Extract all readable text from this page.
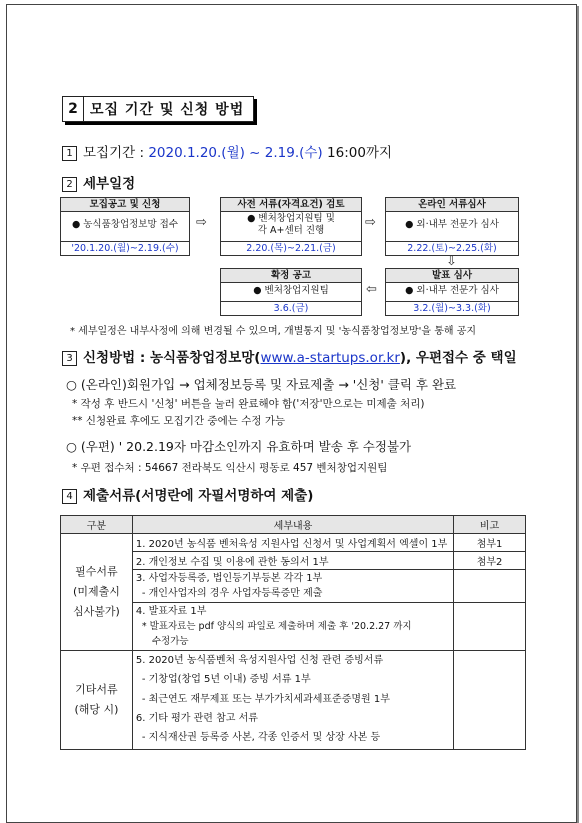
2 모집 기간 및 신청 방법
1 모집기간 : 2020.1.20.(월) ~ 2.19.(수) 16:00까지
2 세부일정
모집공고 및 신청
● 농식품창업정보망 접수
'20.1.20.(월)~2.19.(수)
⇨
사전 서류(자격요건) 검토
● 벤처창업지원팀 및
각 A+센터 진행
2.20.(목)~2.21.(금)
⇨
온라인 서류심사
● 외·내부 전문가 심사
2.22.(토)~2.25.(화)
⇩
확정 공고
● 벤처창업지원팀
3.6.(금)
⇦
발표 심사
● 외·내부 전문가 심사
3.2.(월)~3.3.(화)
* 세부일정은 내부사정에 의해 변경될 수 있으며, 개별통지 및 '농식품창업정보망'을 통해 공지
3 신청방법 : 농식품창업정보망(www.a-startups.or.kr), 우편접수 중 택일
○ (온라인)회원가입 → 업체정보등록 및 자료제출 → '신청' 클릭 후 완료
* 작성 후 반드시 '신청' 버튼을 눌러 완료해야 함('저장'만으로는 미제출 처리)
** 신청완료 후에도 모집기간 중에는 수정 가능
○ (우편) ' 20.2.19자 마감소인까지 유효하며 발송 후 수정불가
* 우편 접수처 : 54667 전라북도 익산시 평동로 457 벤처창업지원팀
4 제출서류(서명란에 자필서명하여 제출)
구분	세부내용	비고

필수서류
(미제출시
심사불가)	1. 2020년 농식품 벤처육성 지원사업 신청서 및 사업계획서 엑셀이 1부	첨부1
	2. 개인정보 수집 및 이용에 관한 동의서 1부	첨부2

	3. 사업자등록증, 법인등기부등본 각각 1부
- 개인사업자의 경우 사업자등록증만 제출	

	4. 발표자료 1부
* 발표자료는 pdf 양식의 파일로 제출하며 제출 후 '20.2.27 까지
수정가능	

기타서류
(해당 시)	5. 2020년 농식품벤처 육성지원사업 신청 관련 증빙서류
- 기창업(창업 5년 이내) 증빙 서류 1부
- 최근연도 재무제표 또는 부가가치세과세표준증명원 1부
6. 기타 평가 관련 참고 서류
- 지식재산권 등록증 사본, 각종 인증서 및 상장 사본 등	
